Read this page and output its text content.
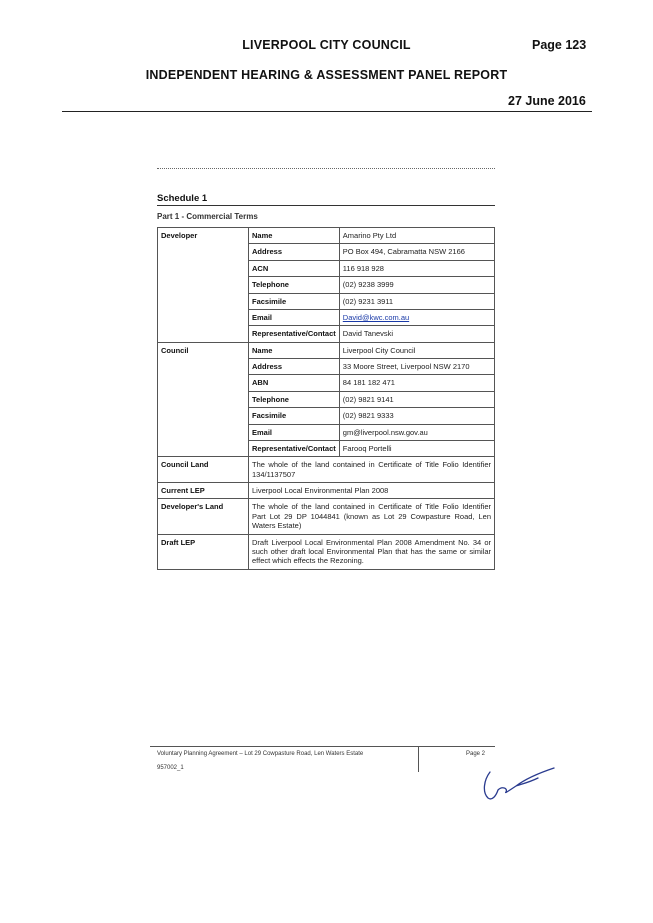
LIVERPOOL CITY COUNCIL	Page 123
INDEPENDENT HEARING & ASSESSMENT PANEL REPORT
27 June 2016
Schedule 1
Part 1 - Commercial Terms
Developer	Name	Amarino Pty Ltd
	Address	PO Box 494, Cabramatta NSW 2166
	ACN	116 918 928
	Telephone	(02) 9238 3999
	Facsimile	(02) 9231 3911
	Email	David@kwc.com.au
	Representative/Contact	David Tanevski
Council	Name	Liverpool City Council
	Address	33 Moore Street, Liverpool NSW 2170
	ABN	84 181 182 471
	Telephone	(02) 9821 9141
	Facsimile	(02) 9821 9333
	Email	gm@liverpool.nsw.gov.au
	Representative/Contact	Farooq Portelli
Council Land	The whole of the land contained in Certificate of Title Folio Identifier 134/1137507	
Current LEP	Liverpool Local Environmental Plan 2008	
Developer's Land	The whole of the land contained in Certificate of Title Folio Identifier Part Lot 29 DP 1044841 (known as Lot 29 Cowpasture Road, Len Waters Estate)	
Draft LEP	Draft Liverpool Local Environmental Plan 2008 Amendment No. 34 or such other draft local Environmental Plan that has the same or similar effect which effects the Rezoning.	
Voluntary Planning Agreement – Lot 29 Cowpasture Road, Len Waters Estate	Page 2
957002_1
